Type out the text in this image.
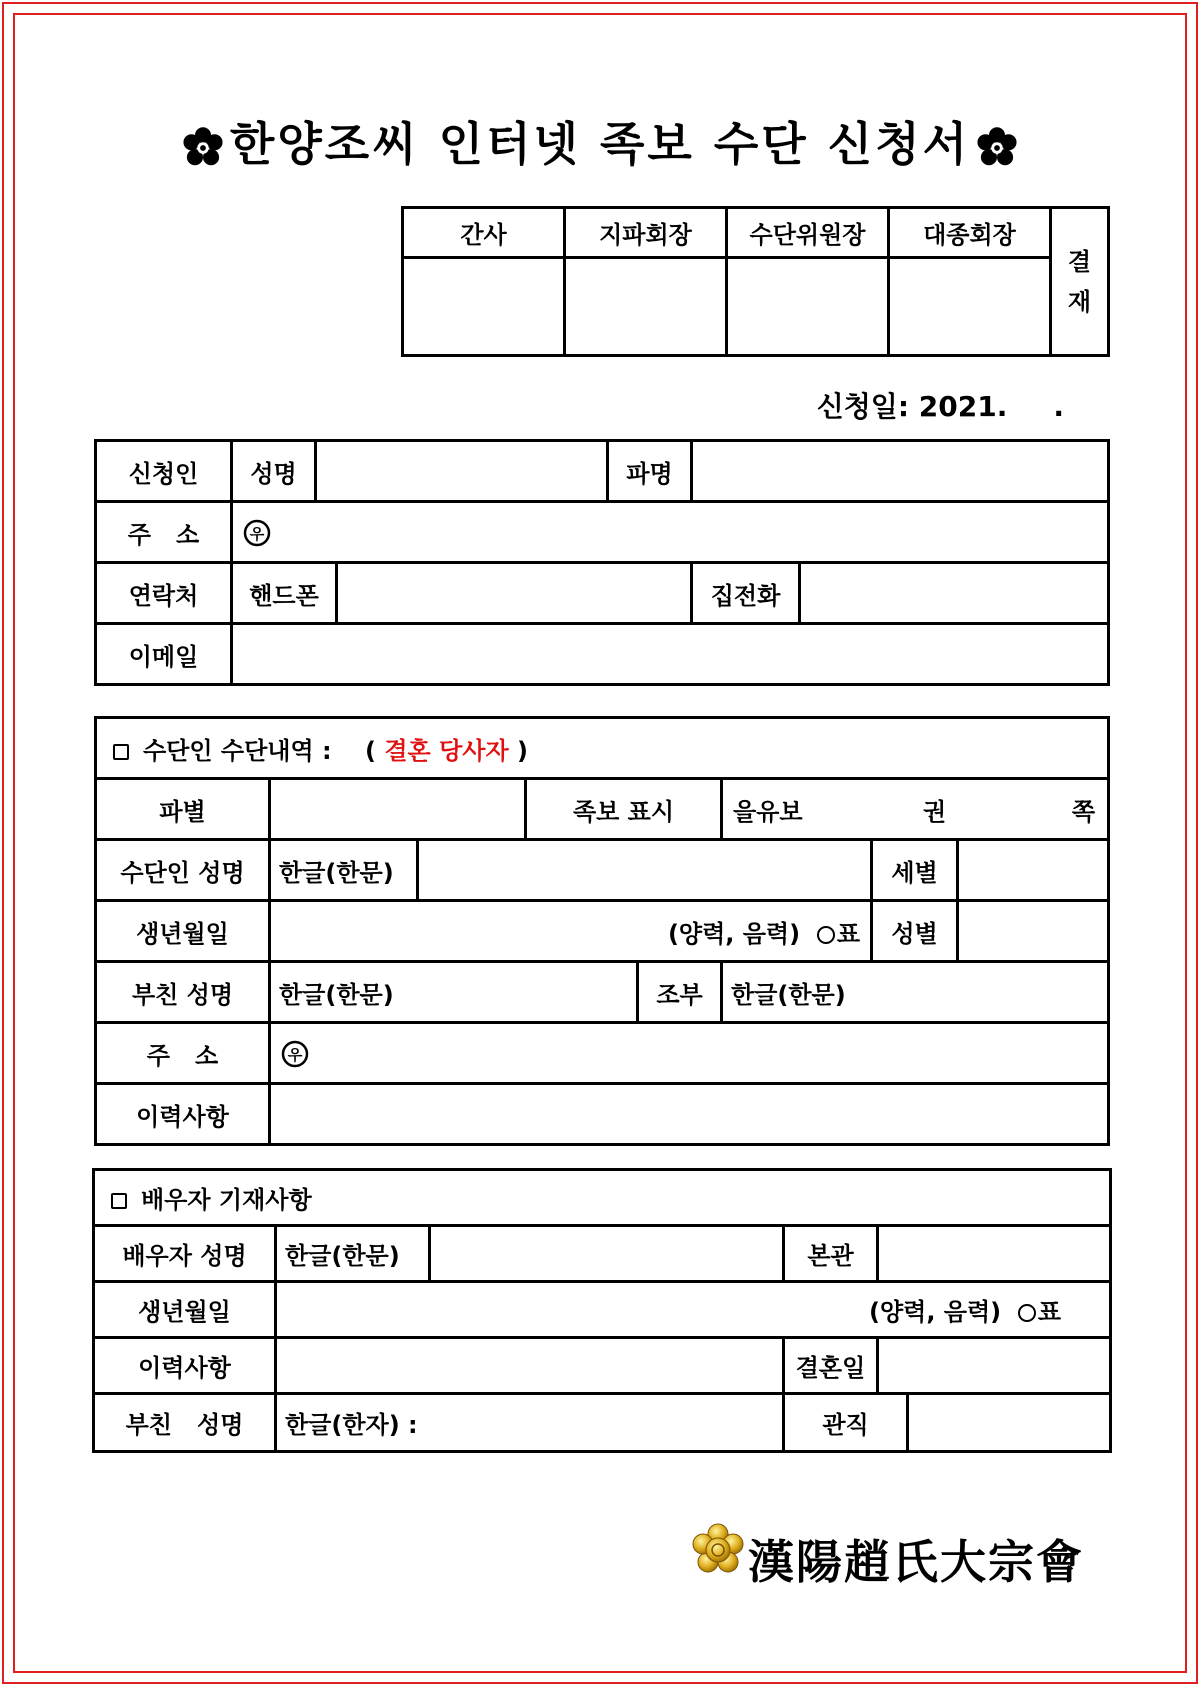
한양조씨 인터넷 족보 수단 신청서
간사	지파회장	수단위원장	대종회장	결
재

신청일: 2021. .
신청인	성명			파명		
주   소	우					

연락처	핸드폰				집전화	
이메일						
수단인 수단내역 : ( 결혼 당사자 )							
파별			족보 표시		을유보 권 쪽		

수단인 성명	한글(한문)					세별	
생년월일	(양력, 음력) ○ 표					성별	
부친 성명	한글(한문)			조부	한글(한문)		
주   소	우						

이력사항							
배우자 기재사항					
배우자 성명	한글(한문)		본관		
생년월일	(양력, 음력) ○ 표				
이력사항			결혼일		
부친   성명	한글(한자) :		관직		
漢陽趙氏大宗會
